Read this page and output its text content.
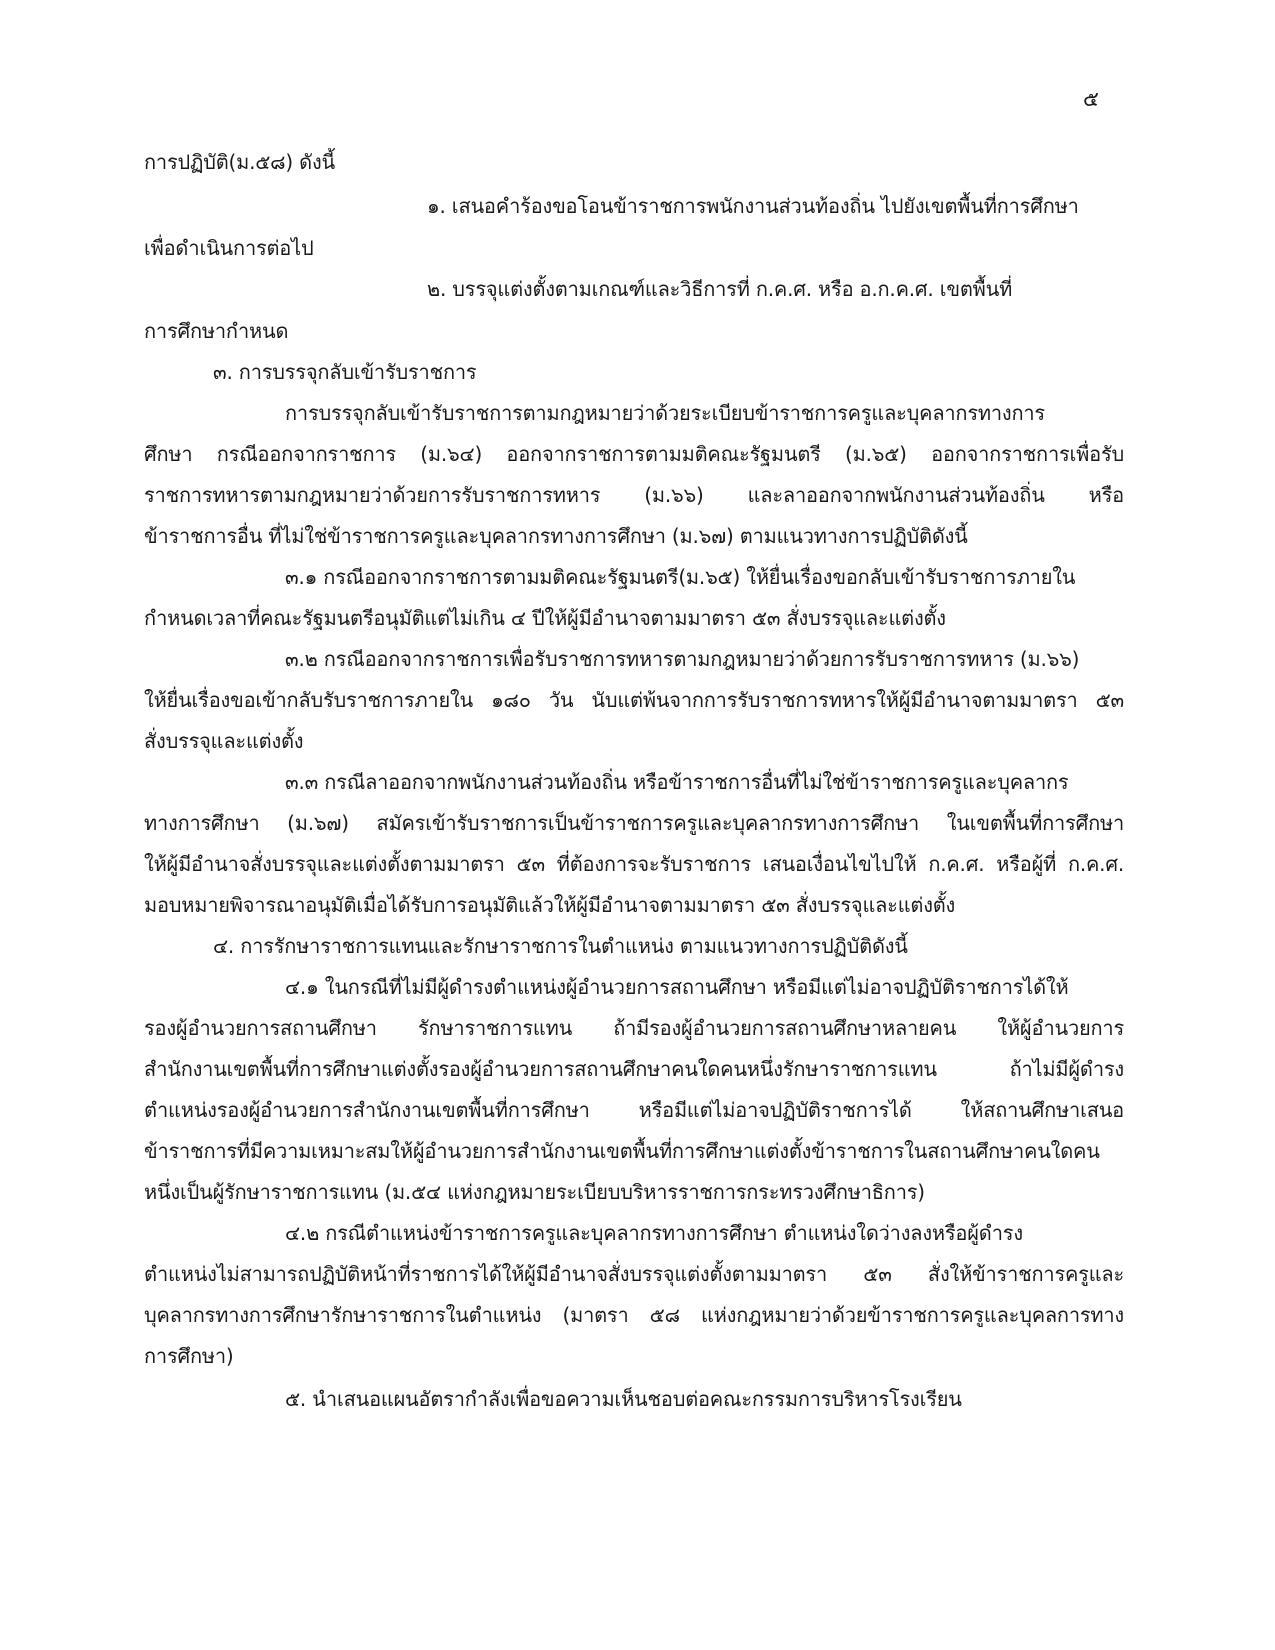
๕
การปฏิบัติ(ม.๕๘) ดังนี้
๑. เสนอคำร้องขอโอนข้าราชการพนักงานส่วนท้องถิ่น ไปยังเขตพื้นที่การศึกษา
เพื่อดำเนินการต่อไป
๒. บรรจุแต่งตั้งตามเกณฑ์และวิธีการที่ ก.ค.ศ. หรือ อ.ก.ค.ศ. เขตพื้นที่
การศึกษากำหนด
๓. การบรรจุกลับเข้ารับราชการ
การบรรจุกลับเข้ารับราชการตามกฎหมายว่าด้วยระเบียบข้าราชการครูและบุคลากรทางการ
ศึกษา กรณีออกจากราชการ (ม.๖๔) ออกจากราชการตามมติคณะรัฐมนตรี (ม.๖๕) ออกจากราชการเพื่อรับ
ราชการทหารตามกฎหมายว่าด้วยการรับราชการทหาร (ม.๖๖) และลาออกจากพนักงานส่วนท้องถิ่น หรือ
ข้าราชการอื่น ที่ไม่ใช่ข้าราชการครูและบุคลากรทางการศึกษา (ม.๖๗) ตามแนวทางการปฏิบัติดังนี้
๓.๑ กรณีออกจากราชการตามมติคณะรัฐมนตรี(ม.๖๕) ให้ยื่นเรื่องขอกลับเข้ารับราชการภายใน
กำหนดเวลาที่คณะรัฐมนตรีอนุมัติแต่ไม่เกิน ๔ ปีให้ผู้มีอำนาจตามมาตรา ๕๓ สั่งบรรจุและแต่งตั้ง
๓.๒ กรณีออกจากราชการเพื่อรับราชการทหารตามกฎหมายว่าด้วยการรับราชการทหาร (ม.๖๖)
ให้ยื่นเรื่องขอเข้ากลับรับราชการภายใน ๑๘๐ วัน นับแต่พ้นจากการรับราชการทหารให้ผู้มีอำนาจตามมาตรา ๕๓
สั่งบรรจุและแต่งตั้ง
๓.๓ กรณีลาออกจากพนักงานส่วนท้องถิ่น หรือข้าราชการอื่นที่ไม่ใช่ข้าราชการครูและบุคลากร
ทางการศึกษา (ม.๖๗) สมัครเข้ารับราชการเป็นข้าราชการครูและบุคลากรทางการศึกษา ในเขตพื้นที่การศึกษา
ให้ผู้มีอำนาจสั่งบรรจุและแต่งตั้งตามมาตรา ๕๓ ที่ต้องการจะรับราชการ เสนอเงื่อนไขไปให้ ก.ค.ศ. หรือผู้ที่ ก.ค.ศ.
มอบหมายพิจารณาอนุมัติเมื่อได้รับการอนุมัติแล้วให้ผู้มีอำนาจตามมาตรา ๕๓ สั่งบรรจุและแต่งตั้ง
๔. การรักษาราชการแทนและรักษาราชการในตำแหน่ง ตามแนวทางการปฏิบัติดังนี้
๔.๑ ในกรณีที่ไม่มีผู้ดำรงตำแหน่งผู้อำนวยการสถานศึกษา หรือมีแต่ไม่อาจปฏิบัติราชการได้ให้
รองผู้อำนวยการสถานศึกษา รักษาราชการแทน ถ้ามีรองผู้อำนวยการสถานศึกษาหลายคน ให้ผู้อำนวยการ
สำนักงานเขตพื้นที่การศึกษาแต่งตั้งรองผู้อำนวยการสถานศึกษาคนใดคนหนึ่งรักษาราชการแทน ถ้าไม่มีผู้ดำรง
ตำแหน่งรองผู้อำนวยการสำนักงานเขตพื้นที่การศึกษา หรือมีแต่ไม่อาจปฏิบัติราชการได้ ให้สถานศึกษาเสนอ
ข้าราชการที่มีความเหมาะสมให้ผู้อำนวยการสำนักงานเขตพื้นที่การศึกษาแต่งตั้งข้าราชการในสถานศึกษาคนใดคน
หนึ่งเป็นผู้รักษาราชการแทน (ม.๕๔ แห่งกฎหมายระเบียบบริหารราชการกระทรวงศึกษาธิการ)
๔.๒ กรณีตำแหน่งข้าราชการครูและบุคลากรทางการศึกษา ตำแหน่งใดว่างลงหรือผู้ดำรง
ตำแหน่งไม่สามารถปฏิบัติหน้าที่ราชการได้ให้ผู้มีอำนาจสั่งบรรจุแต่งตั้งตามมาตรา ๕๓ สั่งให้ข้าราชการครูและ
บุคลากรทางการศึกษารักษาราชการในตำแหน่ง (มาตรา ๕๘ แห่งกฎหมายว่าด้วยข้าราชการครูและบุคลการทาง
การศึกษา)
๕. นำเสนอแผนอัตรากำลังเพื่อขอความเห็นชอบต่อคณะกรรมการบริหารโรงเรียน
